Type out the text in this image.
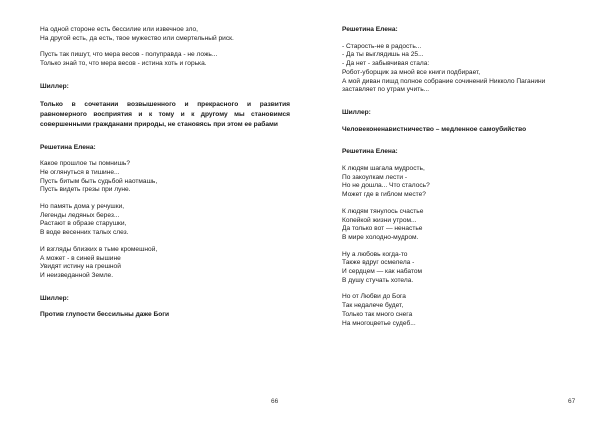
На одной стороне есть бессилие или извечное зло,
На другой есть, да есть, твое мужество или смертельный риск.
Пусть так пишут, что мера весов - полуправда - не ложь...
Только знай то, что мера весов - истина хоть и горька.
Шиллер:
Только в сочетании возвышенного и прекрасного и развития равномерного восприятия и к тому и к другому мы становимся совершенными гражданами природы, не становясь при этом ее рабами
Решетина Елена:
Какое прошлое ты помнишь?
Не оглянуться в тишине...
Пусть битым быть судьбой наотмашь,
Пусть видеть грезы при луне.
Но память дома у речушки,
Легенды ледяных берез...
Растают в образе старушки,
В воде весенних талых слез.
И взгляды близких в тьме кромешной,
А может - в синей вышине
Увидят истину на грешной
И неизведанной Земле.
Шиллер:
Против глупости бессильны даже Боги
66
Решетина Елена:
- Старость-не в радость...
- Да ты выглядишь на 25...
- Да нет - забывчивая стала:
Робот-уборщик за мной все книги подбирает,
А мой диван пишд полное собрание сочинений Никколо Паганини
заставляет по утрам учить...
Шиллер:
Человеконенавистничество – медленное самоубийство
Решетина Елена:
К людям шагала мудрость,
По закоулкам лести -
Но не дошла... Что сталось?
Может где в гиблом месте?
К людям тянулось счастье
Копейкой жизни утром...
Да только вот — ненастье
В мире холодно-мудром.
Ну а любовь когда-то
Также вдруг осмелела -
И сердцем — как набатом
В душу стучать хотела.
Но от Любви до Бога
Так недалече будет,
Только так много снега
На многоцветье судеб...
67
